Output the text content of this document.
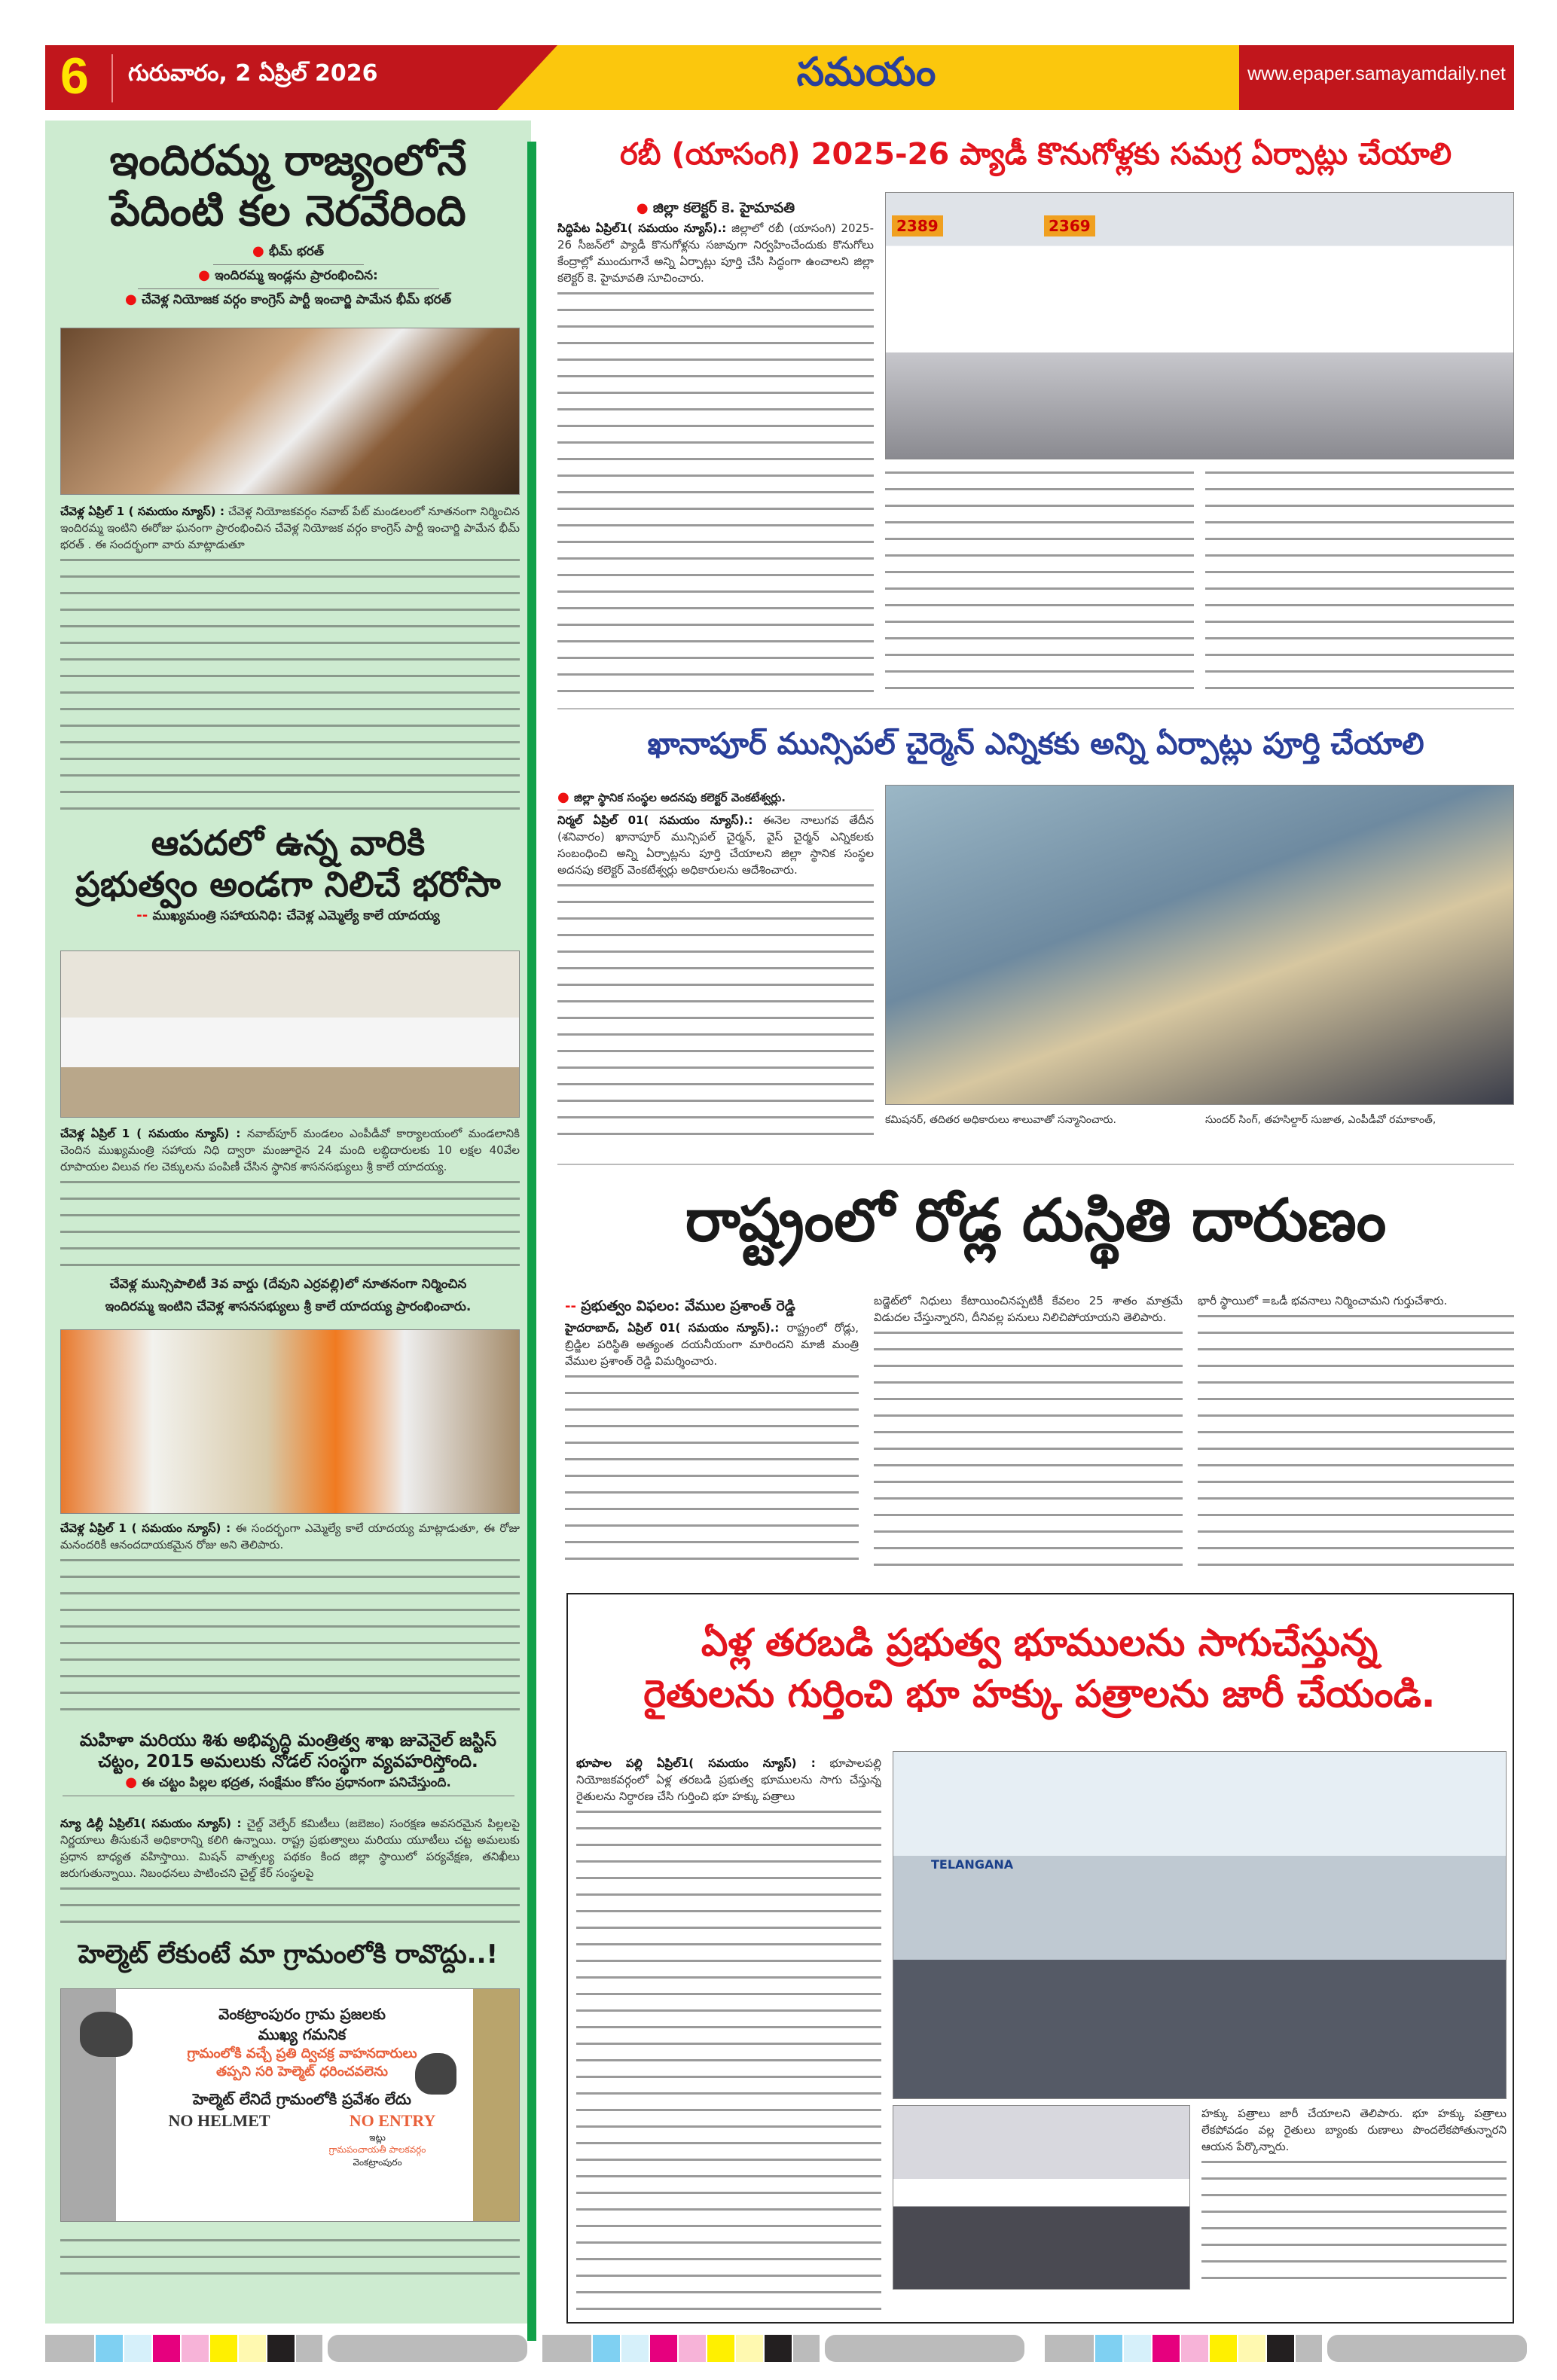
6 గురువారం, 2 ఏప్రిల్ 2026	సమయం	www.epaper.samayamdaily.net
ఇందిరమ్మ రాజ్యంలోనే
పేదింటి కల నెరవేరింది
● భీమ్ భరత్
● ఇందిరమ్మ ఇండ్లను ప్రారంభించిన:
● చేవెళ్ల నియోజక వర్గం కాంగ్రెస్ పార్టీ ఇంచార్జి పామేన భీమ్ భరత్
చేవెళ్ల ఏప్రిల్ 1 ( సమయం న్యూస్) : చేవెళ్ల నియోజకవర్గం నవాబ్ పేట్ మండలంలో నూతనంగా నిర్మించిన ఇందిరమ్మ ఇంటిని ఈరోజు ఘనంగా ప్రారంభించిన చేవెళ్ల నియోజక వర్గం కాంగ్రెస్ పార్టీ ఇంచార్జి పామేన భీమ్ భరత్ . ఈ సందర్భంగా వారు మాట్లాడుతూ
ఆపదలో ఉన్న వారికి
ప్రభుత్వం అండగా నిలిచే భరోసా
-- ముఖ్యమంత్రి సహాయనిధి: చేవెళ్ల ఎమ్మెల్యే కాలే యాదయ్య
చేవెళ్ల ఏప్రిల్ 1 ( సమయం న్యూస్) : నవాబ్‌పూర్ మండలం ఎంపీడీవో కార్యాలయంలో మండలానికి చెందిన ముఖ్యమంత్రి సహాయ నిధి ద్వారా మంజూరైన 24 మంది లబ్ధిదారులకు 10 లక్షల 40వేల రూపాయల విలువ గల చెక్కులను పంపిణీ చేసిన స్థానిక శాసనసభ్యులు శ్రీ కాలే యాదయ్య.
చేవెళ్ల మున్సిపాలిటీ 3వ వార్డు (దేవుని ఎర్రవల్లి)లో నూతనంగా నిర్మించిన
ఇందిరమ్మ ఇంటిని చేవెళ్ల శాసనసభ్యులు శ్రీ కాలే యాదయ్య ప్రారంభించారు.
చేవెళ్ల ఏప్రిల్ 1 ( సమయం న్యూస్) : ఈ సందర్భంగా ఎమ్మెల్యే కాలే యాదయ్య మాట్లాడుతూ, ఈ రోజు మనందరికీ ఆనందదాయకమైన రోజు అని తెలిపారు.
మహిళా మరియు శిశు అభివృద్ధి మంత్రిత్వ శాఖ జువెనైల్ జస్టిస్
చట్టం, 2015 అమలుకు నోడల్ సంస్థగా వ్యవహరిస్తోంది.
● ఈ చట్టం పిల్లల భద్రత, సంక్షేమం కోసం ప్రధానంగా పనిచేస్తుంది.
న్యూ డిల్లీ ఏప్రిల్1( సమయం న్యూస్) : చైల్డ్ వెల్ఫేర్ కమిటీలు (జబెజం) సంరక్షణ అవసరమైన పిల్లలపై నిర్ణయాలు తీసుకునే అధికారాన్ని కలిగి ఉన్నాయి. రాష్ట్ర ప్రభుత్వాలు మరియు యూటీలు చట్ట అమలుకు ప్రధాన బాధ్యత వహిస్తాయి. మిషన్ వాత్సల్య పథకం కింద జిల్లా స్థాయిలో పర్యవేక్షణ, తనిఖీలు జరుగుతున్నాయి. నిబంధనలు పాటించని చైల్డ్ కేర్ సంస్థలపై
హెల్మెట్ లేకుంటే మా గ్రామంలోకి రావొద్దు..!
వెంకట్రాంపురం గ్రామ ప్రజలకు
ముఖ్య గమనిక
గ్రామంలోకి వచ్చే ప్రతి ద్విచక్ర వాహనదారులు
తప్పని సరి హెల్మెట్ ధరించవలెను
హెల్మెట్ లేనిదే గ్రామంలోకి ప్రవేశం లేదు
NO HELMET	NO ENTRY
ఇట్లు
గ్రామపంచాయతీ పాలకవర్గం
వెంకట్రాంపురం
రబీ (యాసంగి) 2025-26 ప్యాడీ కొనుగోళ్లకు సమగ్ర ఏర్పాట్లు చేయాలి
● జిల్లా కలెక్టర్ కె. హైమావతి
సిద్ధిపేట ఏప్రిల్1( సమయం న్యూస్).: జిల్లాలో రబీ (యాసంగి) 2025-26 సీజన్‌లో ప్యాడీ కొనుగోళ్లను సజావుగా నిర్వహించేందుకు కొనుగోలు కేంద్రాల్లో ముందుగానే అన్ని ఏర్పాట్లు పూర్తి చేసి సిద్ధంగా ఉంచాలని జిల్లా కలెక్టర్ కె. హైమావతి సూచించారు.
2389	2369
ఖానాపూర్ మున్సిపల్ చైర్మెన్ ఎన్నికకు అన్ని ఏర్పాట్లు పూర్తి చేయాలి
● జిల్లా స్థానిక సంస్థల అదనపు కలెక్టర్ వెంకటేశ్వర్లు.
నిర్మల్ ఏప్రిల్ 01( సమయం న్యూస్).: ఈనెల నాలుగవ తేదీన (శనివారం) ఖానాపూర్ మున్సిపల్ చైర్మన్, వైస్ చైర్మన్ ఎన్నికలకు సంబంధించి అన్ని ఏర్పాట్లను పూర్తి చేయాలని జిల్లా స్థానిక సంస్థల అదనపు కలెక్టర్ వెంకటేశ్వర్లు అధికారులను ఆదేశించారు.
కమిషనర్, తదితర అధికారులు శాలువాతో సన్మానించారు.	సుందర్ సింగ్, తహసిల్దార్ సుజాత, ఎంపీడీవో రమాకాంత్,
రాష్ట్రంలో రోడ్ల దుస్థితి దారుణం
-- ప్రభుత్వం విఫలం: వేముల ప్రశాంత్ రెడ్డి
హైదరాబాద్, ఏప్రిల్ 01( సమయం న్యూస్).: రాష్ట్రంలో రోడ్లు, బ్రిడ్జిల పరిస్థితి అత్యంత దయనీయంగా మారిందని మాజీ మంత్రి వేముల ప్రశాంత్ రెడ్డి విమర్శించారు.
బడ్జెట్‌లో నిధులు కేటాయించినప్పటికీ కేవలం 25 శాతం మాత్రమే విడుదల చేస్తున్నారని, దీనివల్ల పనులు నిలిచిపోయాయని తెలిపారు.
భారీ స్థాయిలో =ఒడీ భవనాలు నిర్మించామని గుర్తుచేశారు.
ఏళ్ల తరబడి ప్రభుత్వ భూములను సాగుచేస్తున్న
రైతులను గుర్తించి భూ హక్కు పత్రాలను జారీ చేయండి.
భూపాల పల్లి ఏప్రిల్1( సమయం న్యూస్) : భూపాలపల్లి నియోజకవర్గంలో ఏళ్ల తరబడి ప్రభుత్వ భూములను సాగు చేస్తున్న రైతులను నిర్ధారణ చేసి గుర్తించి భూ హక్కు పత్రాలు
TELANGANA
హక్కు పత్రాలు జారీ చేయాలని తెలిపారు. భూ హక్కు పత్రాలు లేకపోవడం వల్ల రైతులు బ్యాంకు రుణాలు పొందలేకపోతున్నారని ఆయన పేర్కొన్నారు.
